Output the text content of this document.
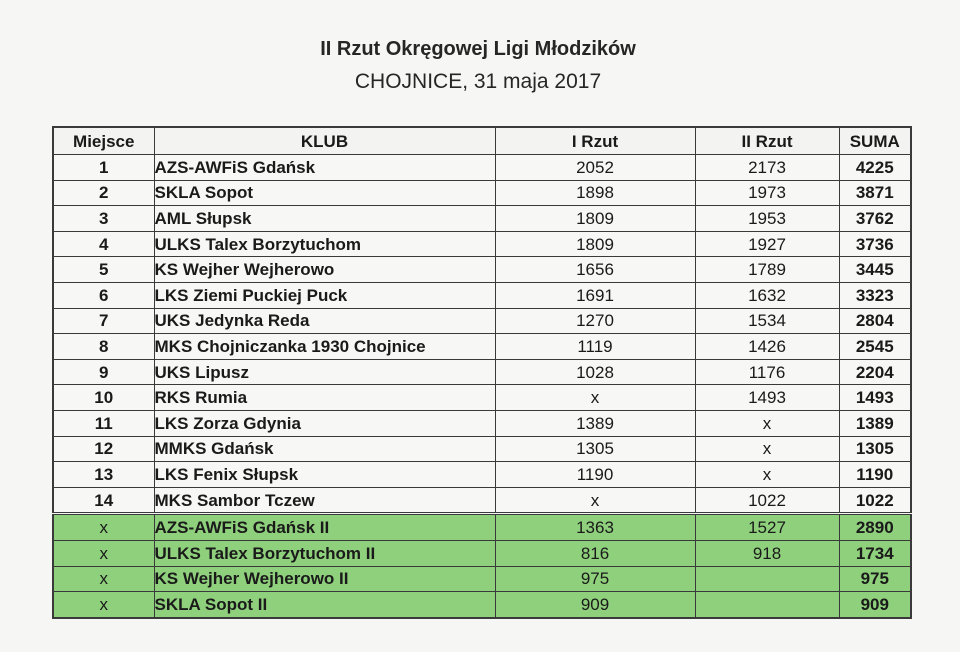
II Rzut Okręgowej Ligi Młodzików
CHOJNICE, 31 maja 2017
Miejsce	KLUB	I Rzut	II Rzut	SUMA
1	AZS-AWFiS Gdańsk	2052	2173	4225
2	SKLA Sopot	1898	1973	3871
3	AML Słupsk	1809	1953	3762
4	ULKS Talex Borzytuchom	1809	1927	3736
5	KS Wejher Wejherowo	1656	1789	3445
6	LKS Ziemi Puckiej Puck	1691	1632	3323
7	UKS Jedynka Reda	1270	1534	2804
8	MKS Chojniczanka 1930 Chojnice	1119	1426	2545
9	UKS Lipusz	1028	1176	2204
10	RKS Rumia	x	1493	1493
11	LKS Zorza Gdynia	1389	x	1389
12	MMKS Gdańsk	1305	x	1305
13	LKS Fenix Słupsk	1190	x	1190
14	MKS Sambor Tczew	x	1022	1022
x	AZS-AWFiS Gdańsk II	1363	1527	2890
x	ULKS Talex Borzytuchom II	816	918	1734
x	KS Wejher Wejherowo II	975		975
x	SKLA Sopot II	909		909
